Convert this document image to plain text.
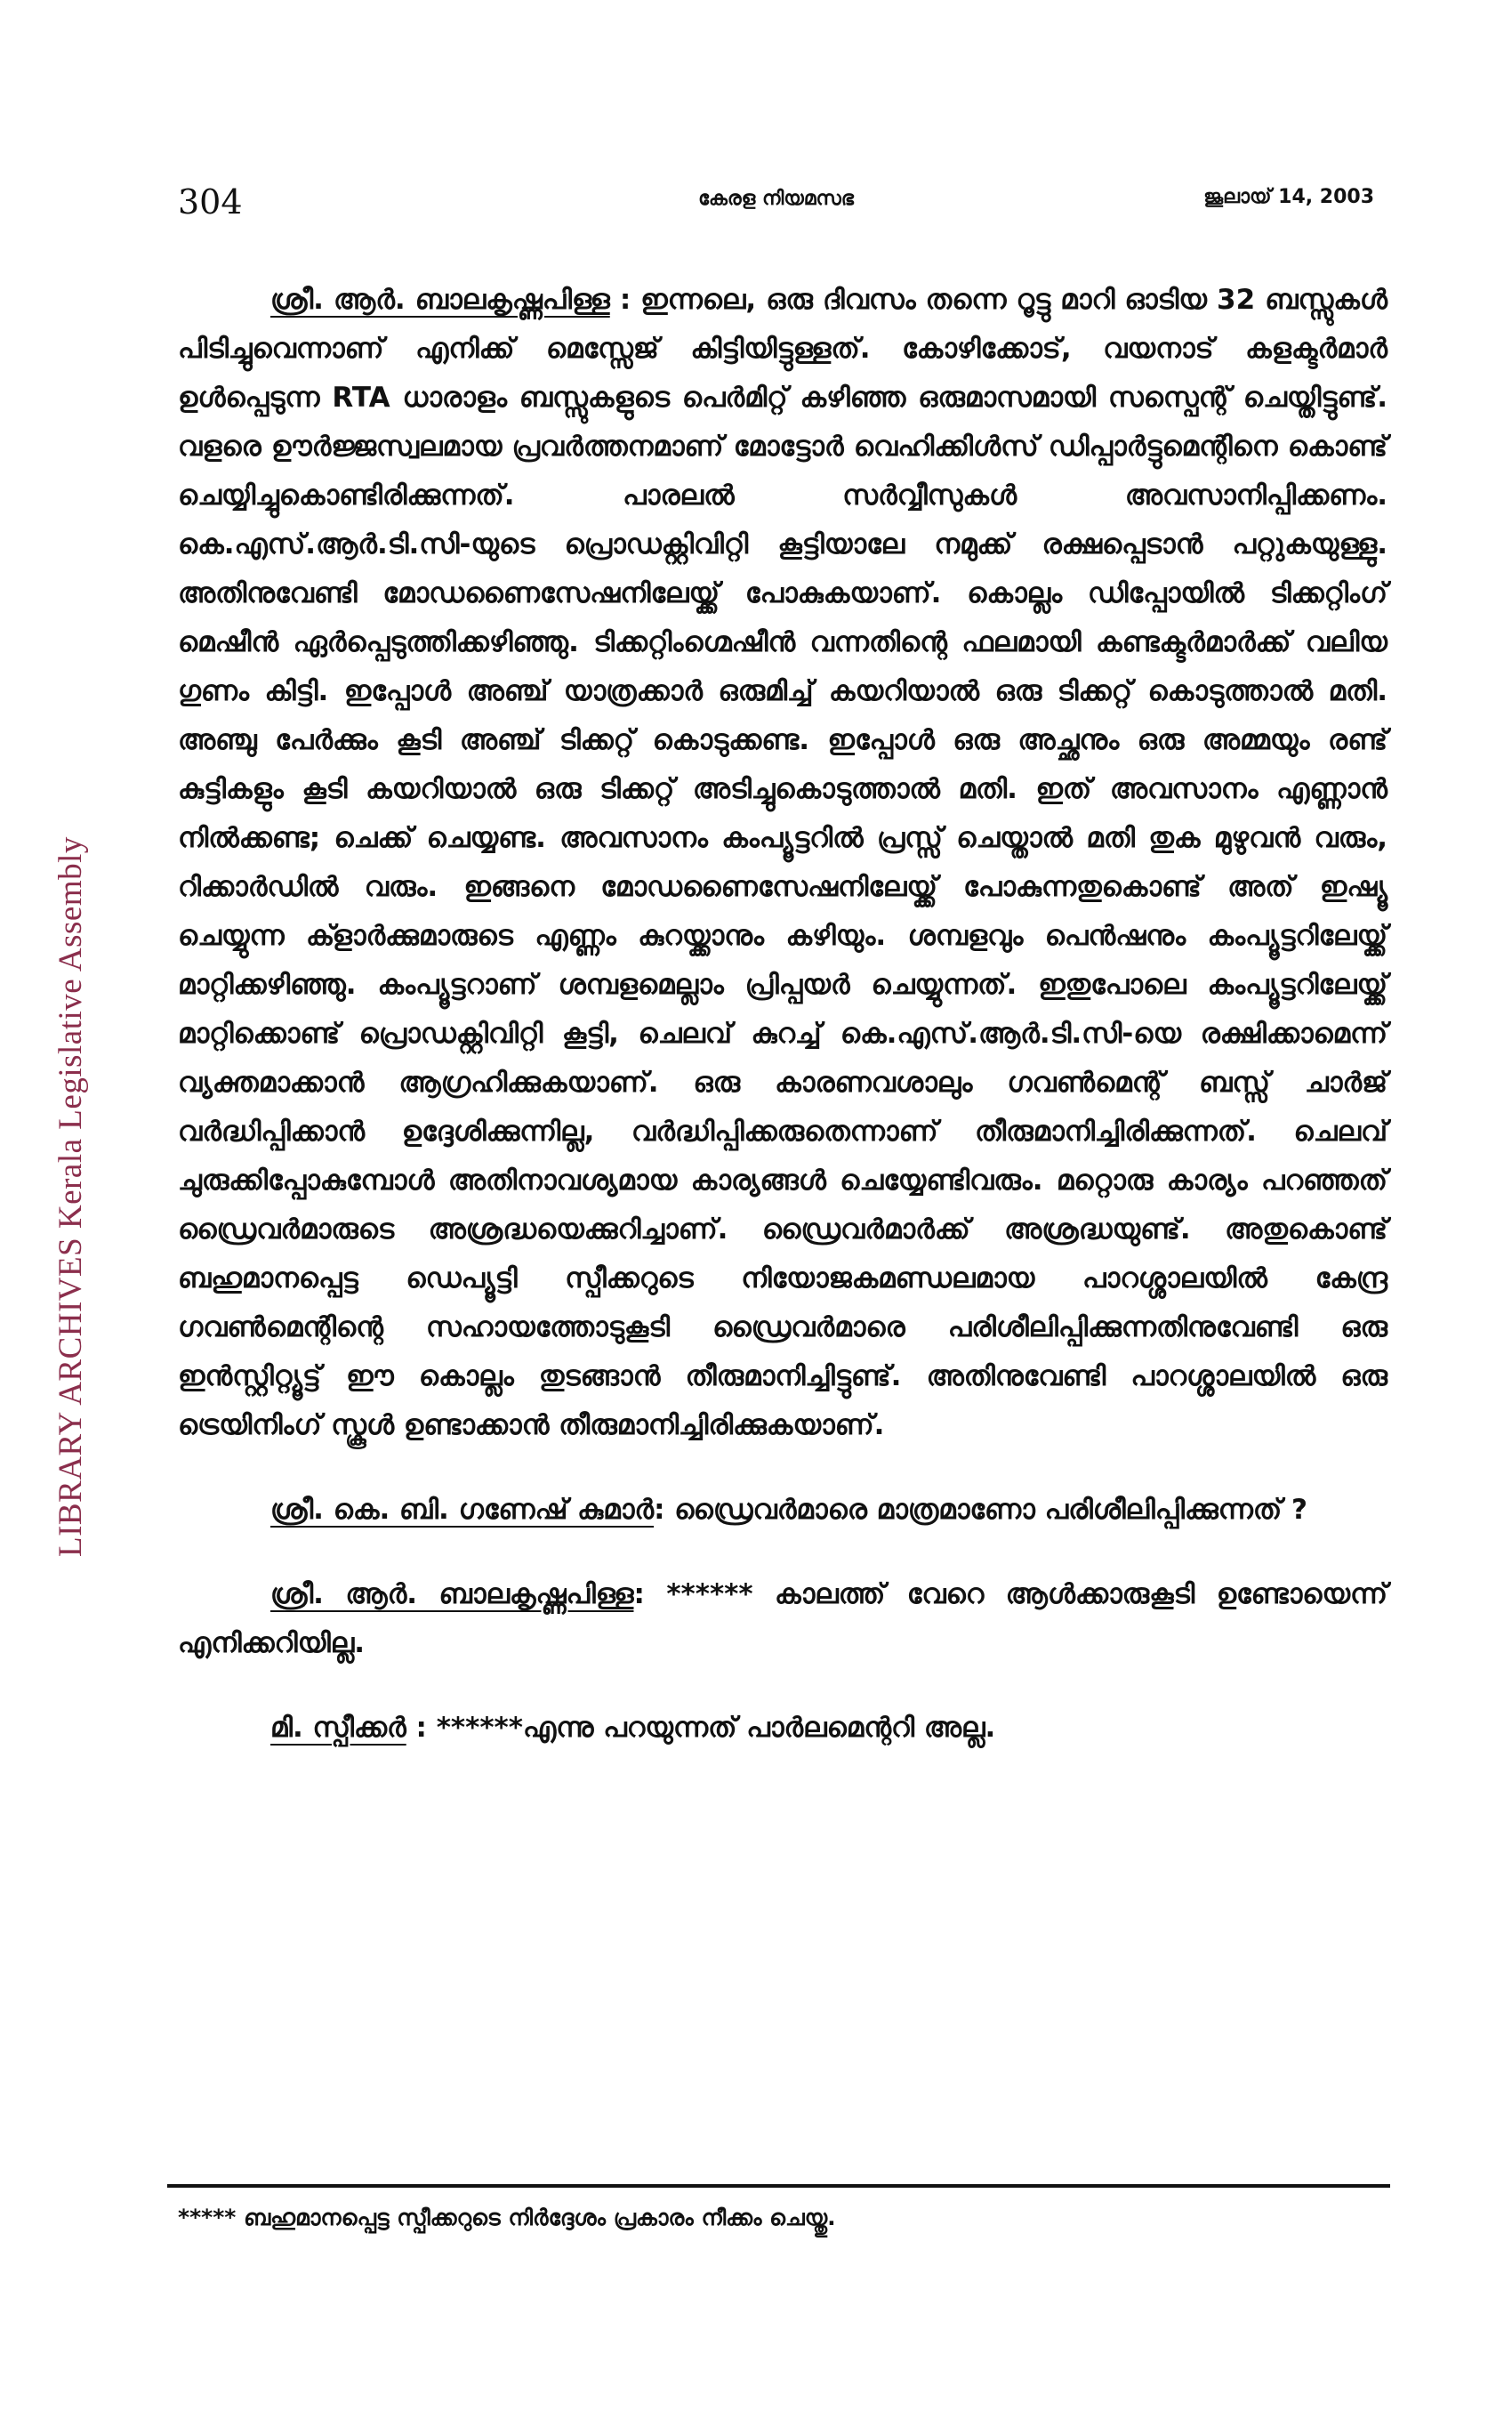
LIBRARY ARCHIVES Kerala Legislative Assembly
304	കേരള നിയമസഭ	ജൂലായ് 14, 2003

ശ്രീ. ആർ. ബാലകൃഷ്ണപിള്ള : ഇന്നലെ, ഒരു ദിവസം തന്നെ റൂട്ടു മാറി ഓടിയ 32 ബസ്സുകൾ പിടിച്ചുവെന്നാണ് എനിക്ക് മെസ്സേജ് കിട്ടിയിട്ടുള്ളത്. കോഴിക്കോട്, വയനാട് കളക്ടർമാർ ഉൾപ്പെടുന്ന RTA ധാരാളം ബസ്സുകളുടെ പെർമിറ്റ് കഴിഞ്ഞ ഒരുമാസമായി സസ്പെന്റ് ചെയ്തിട്ടുണ്ട്. വളരെ ഊർജ്ജസ്വലമായ പ്രവർത്തനമാണ് മോട്ടോർ വെഹിക്കിൾസ് ഡിപ്പാർട്ടുമെന്റിനെ കൊണ്ട് ചെയ്യിച്ചുകൊണ്ടിരിക്കുന്നത്. പാരലൽ സർവ്വീസുകൾ അവസാനിപ്പിക്കണം. കെ.എസ്.ആർ.ടി.സി-യുടെ പ്രൊഡക്റ്റിവിറ്റി കൂട്ടിയാലേ നമുക്ക് രക്ഷപ്പെടാൻ പറ്റുകയുള്ളു. അതിനുവേണ്ടി മോഡണൈസേഷനിലേയ്ക്ക് പോകുകയാണ്. കൊല്ലം ഡിപ്പോയിൽ ടിക്കറ്റിംഗ് മെഷീൻ ഏർപ്പെടുത്തിക്കഴിഞ്ഞു. ടിക്കറ്റിംഗ്മെഷീൻ വന്നതിന്റെ ഫലമായി കണ്ടക്ടർമാർക്ക് വലിയ ഗുണം കിട്ടി. ഇപ്പോൾ അഞ്ച് യാത്രക്കാർ ഒരുമിച്ച് കയറിയാൽ ഒരു ടിക്കറ്റ് കൊടുത്താൽ മതി. അഞ്ചു പേർക്കും കൂടി അഞ്ച് ടിക്കറ്റ് കൊടുക്കണ്ട. ഇപ്പോൾ ഒരു അച്ഛനും ഒരു അമ്മയും രണ്ട് കുട്ടികളും കൂടി കയറിയാൽ ഒരു ടിക്കറ്റ് അടിച്ചുകൊടുത്താൽ മതി. ഇത് അവസാനം എണ്ണാൻ നിൽക്കണ്ട; ചെക്ക് ചെയ്യണ്ട. അവസാനം കംപ്യൂട്ടറിൽ പ്രസ്സ് ചെയ്താൽ മതി തുക മുഴുവൻ വരും, റിക്കാർഡിൽ വരും. ഇങ്ങനെ മോഡണൈസേഷനിലേയ്ക്ക് പോകുന്നതുകൊണ്ട് അത് ഇഷ്യൂ ചെയ്യുന്ന ക്ളാർക്കുമാരുടെ എണ്ണം കുറയ്ക്കാനും കഴിയും. ശമ്പളവും പെൻഷനും കംപ്യൂട്ടറിലേയ്ക്ക് മാറ്റിക്കഴിഞ്ഞു. കംപ്യൂട്ടറാണ് ശമ്പളമെല്ലാം പ്രിപ്പയർ ചെയ്യുന്നത്. ഇതുപോലെ കംപ്യൂട്ടറിലേയ്ക്ക് മാറ്റിക്കൊണ്ട് പ്രൊഡക്റ്റിവിറ്റി കൂട്ടി, ചെലവ് കുറച്ച് കെ.എസ്.ആർ.ടി.സി-യെ രക്ഷിക്കാമെന്ന് വ്യക്തമാക്കാൻ ആഗ്രഹിക്കുകയാണ്. ഒരു കാരണവശാലും ഗവൺമെന്റ് ബസ്സ് ചാർജ് വർദ്ധിപ്പിക്കാൻ ഉദ്ദേശിക്കുന്നില്ല, വർദ്ധിപ്പിക്കരുതെന്നാണ് തീരുമാനിച്ചിരിക്കുന്നത്. ചെലവ് ചുരുക്കിപ്പോകുമ്പോൾ അതിനാവശ്യമായ കാര്യങ്ങൾ ചെയ്യേണ്ടിവരും. മറ്റൊരു കാര്യം പറഞ്ഞത് ഡ്രൈവർമാരുടെ അശ്രദ്ധയെക്കുറിച്ചാണ്. ഡ്രൈവർമാർക്ക് അശ്രദ്ധയുണ്ട്. അതുകൊണ്ട് ബഹുമാനപ്പെട്ട ഡെപ്യൂട്ടി സ്പീക്കറുടെ നിയോജകമണ്ഡലമായ പാറശ്ശാലയിൽ കേന്ദ്ര ഗവൺമെന്റിന്റെ സഹായത്തോടുകൂടി ഡ്രൈവർമാരെ പരിശീലിപ്പിക്കുന്നതിനുവേണ്ടി ഒരു ഇൻസ്റ്റിറ്റ്യൂട്ട് ഈ കൊല്ലം തുടങ്ങാൻ തീരുമാനിച്ചിട്ടുണ്ട്. അതിനുവേണ്ടി പാറശ്ശാലയിൽ ഒരു ട്രെയിനിംഗ് സ്കൂൾ ഉണ്ടാക്കാൻ തീരുമാനിച്ചിരിക്കുകയാണ്.

ശ്രീ. കെ. ബി. ഗണേഷ് കുമാർ: ഡ്രൈവർമാരെ മാത്രമാണോ പരിശീലിപ്പിക്കുന്നത് ?

ശ്രീ. ആർ. ബാലകൃഷ്ണപിള്ള: ****** കാലത്ത് വേറെ ആൾക്കാരുകൂടി ഉണ്ടോയെന്ന് എനിക്കറിയില്ല.

മി. സ്പീക്കർ : ******എന്നു പറയുന്നത് പാർലമെന്ററി അല്ല.

***** ബഹുമാനപ്പെട്ട സ്പീക്കറുടെ നിർദ്ദേശം പ്രകാരം നീക്കം ചെയ്തു.
